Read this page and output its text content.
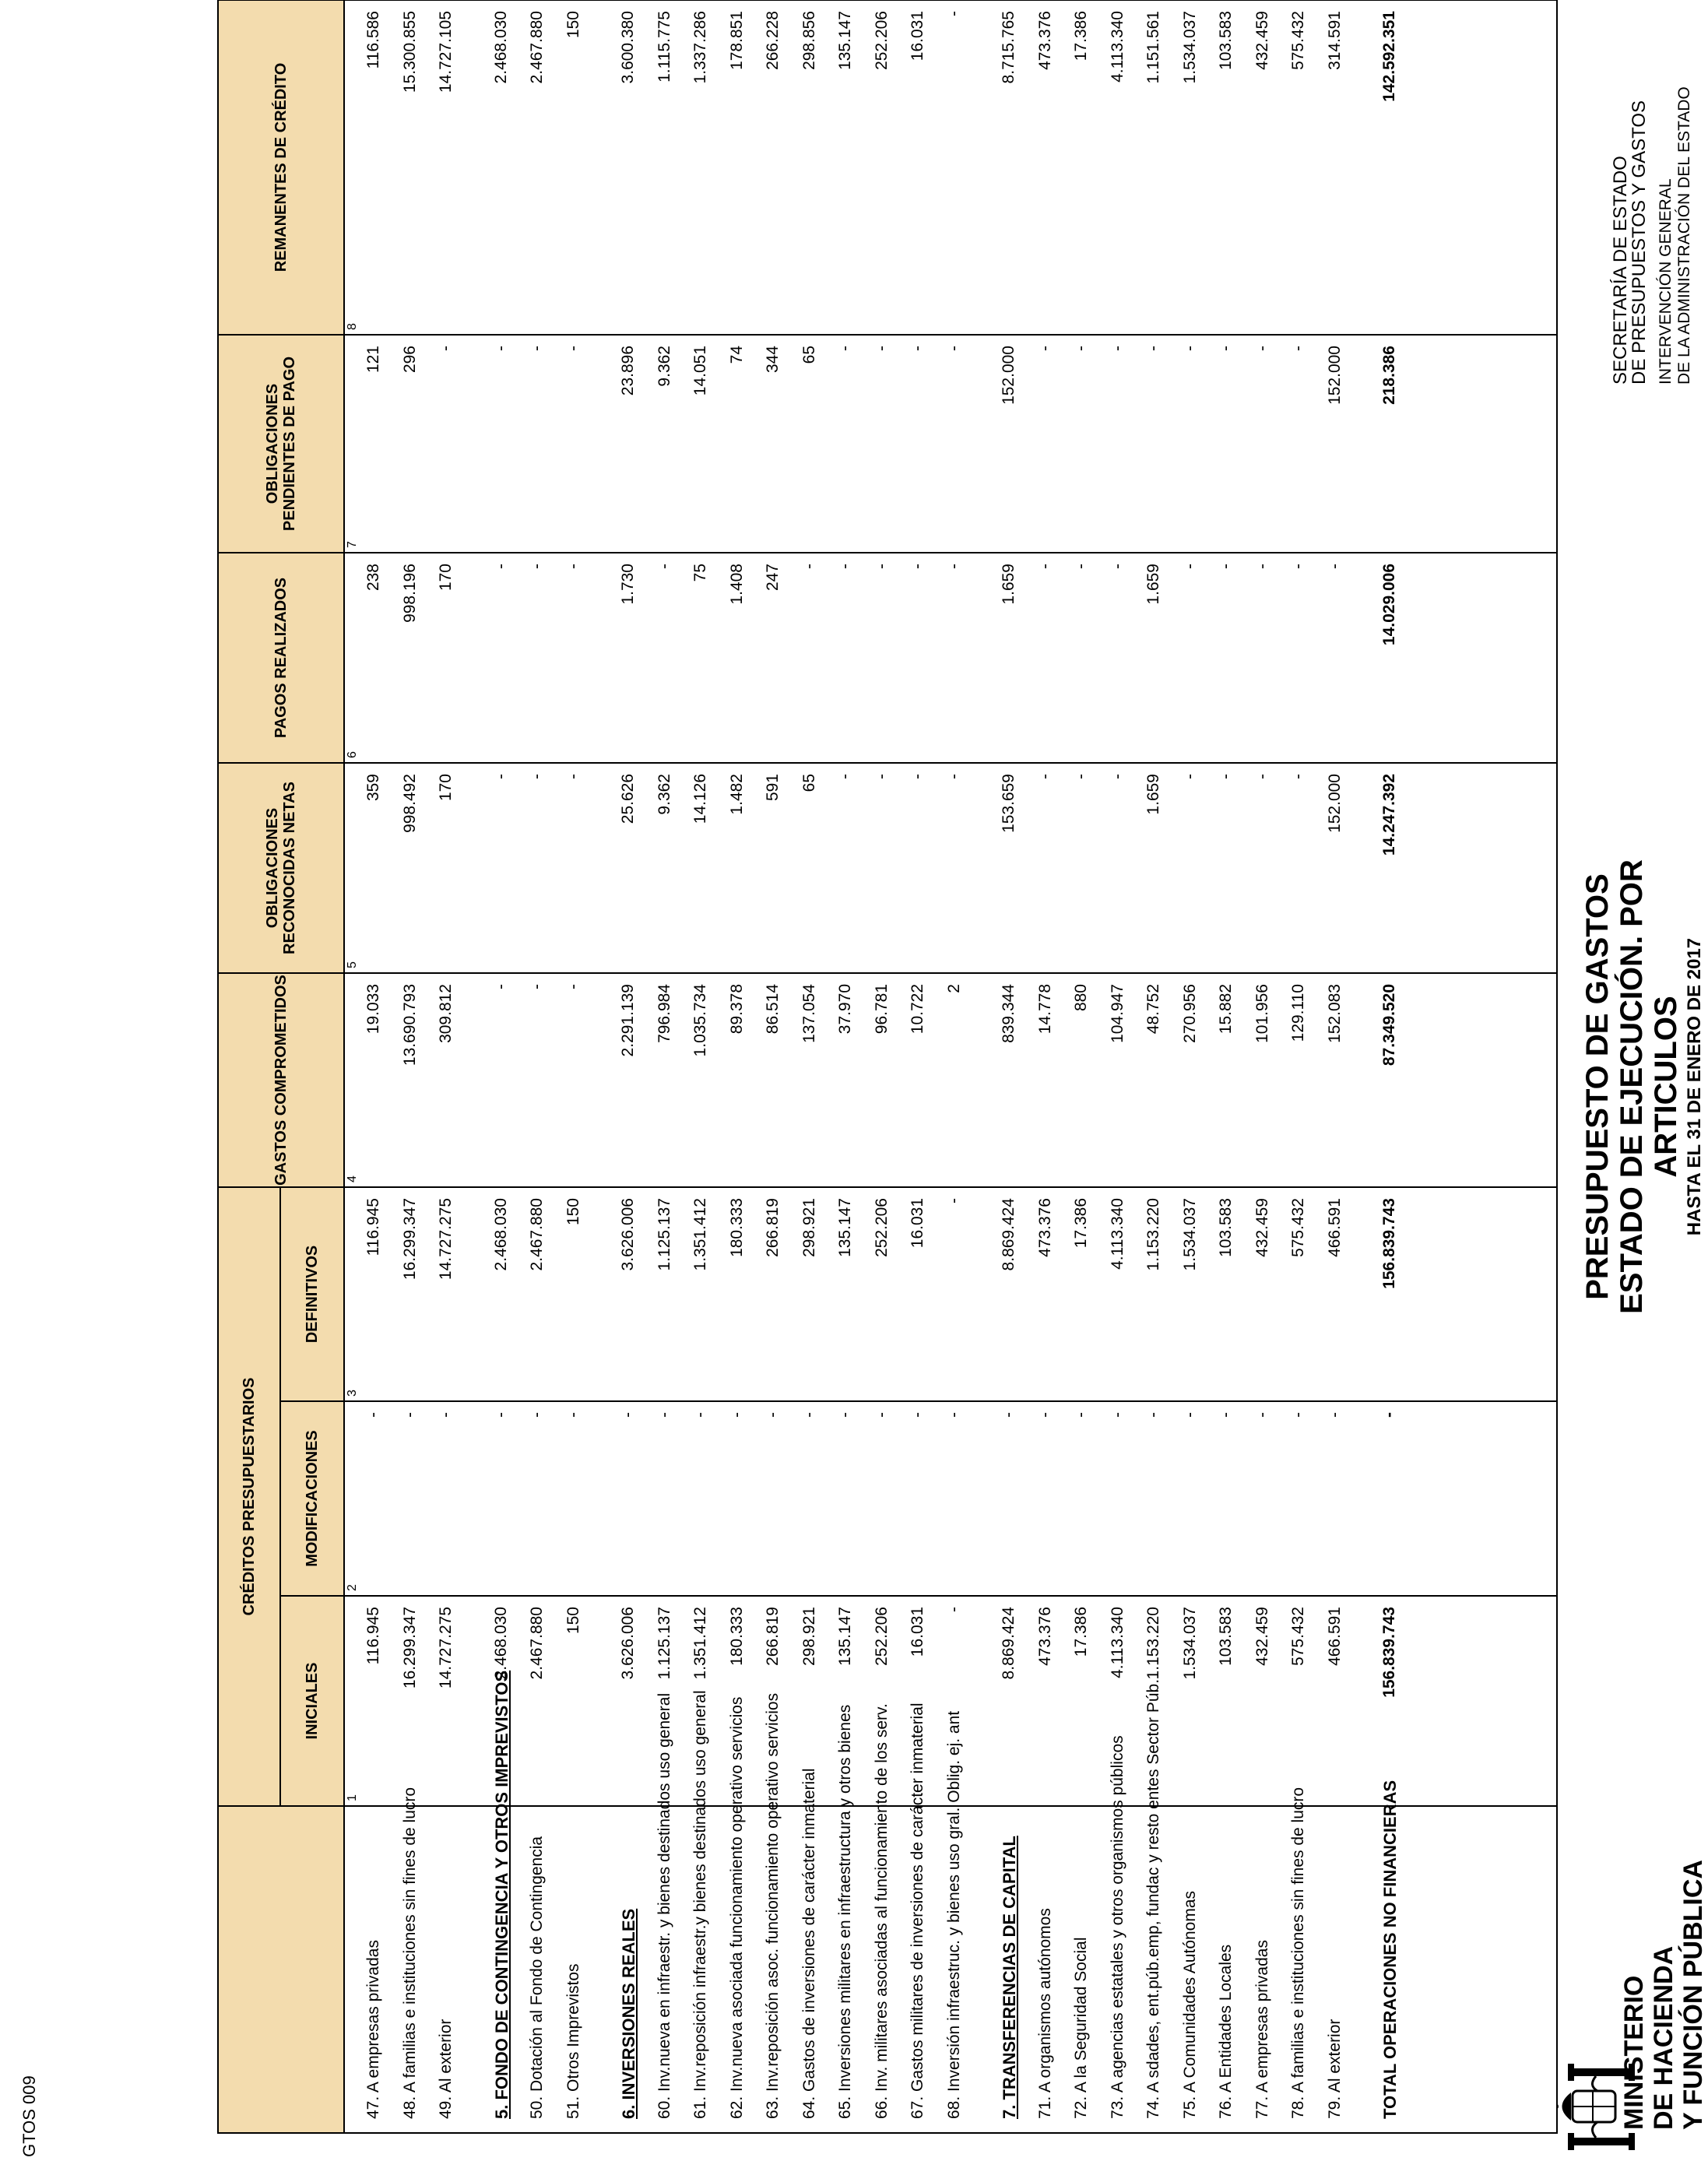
MINISTERIO DE HACIENDA Y FUNCIÓN PÚBLICA
PRESUPUESTO DE GASTOS ESTADO DE EJECUCIÓN. POR ARTICULOS HASTA EL 31 DE ENERO DE 2017
SECRETARÍA DE ESTADO
DE PRESUPUESTOS Y GASTOS INTERVENCIÓN GENERAL DE LA ADMINISTRACIÓN DEL ESTADO
GTOS 009
CRÉDITOS PRESUPUESTARIOS
INICIALES
1
MODIFICACIONES
2
DEFINITIVOS
3
GASTOS COMPROMETIDOS	4
OBLIGACIONES RECONOCIDAS NETAS
5
PAGOS REALIZADOS
6
OBLIGACIONES PENDIENTES DE PAGO
7
REMANENTES DE CRÉDITO
8
47. A empresas privadas
116.945
-
116.945
19.033
359
238
121
116.586
48. A familias e instituciones sin fines de lucro
16.299.347
-
16.299.347
13.690.793
998.492
998.196
296
15.300.855
49. Al exterior
14.727.275
-
14.727.275
309.812
170
170
-
14.727.105
5. FONDO DE CONTINGENCIA Y OTROS IMPREVISTOS
2.468.030
-
2.468.030
-
-
-
-
2.468.030
50. Dotación al Fondo de Contingencia
2.467.880
-
2.467.880
-
-
-
-
2.467.880
51. Otros Imprevistos
150
-
150
-
-
-
-
150
6. INVERSIONES REALES
3.626.006
-
3.626.006
2.291.139
25.626
1.730
23.896
3.600.380
60. Inv.nueva en infraestr. y bienes destinados uso general
1.125.137
-
1.125.137
796.984
9.362
-
9.362
1.115.775
61. Inv.reposición infraestr.y bienes destinados uso general
1.351.412
-
1.351.412
1.035.734
14.126
75
14.051
1.337.286
62. Inv.nueva asociada funcionamiento operativo servicios
180.333
-
180.333
89.378
1.482
1.408
74
178.851
63. Inv.reposición asoc. funcionamiento operativo servicios
266.819
-
266.819
86.514
591
247
344
266.228
64. Gastos de inversiones de carácter inmaterial
298.921
-
298.921
137.054
65
-
65
298.856
65. Inversiones militares en infraestructura y otros bienes
135.147
-
135.147
37.970
-
-
-
135.147
66. Inv. militares asociadas al funcionamiento de los serv.
252.206
-
252.206
96.781
-
-
-
252.206
67. Gastos militares de inversiones de carácter inmaterial
16.031
-
16.031
10.722
-
-
-
16.031
68. Inversión infraestruc. y bienes uso gral. Oblig. ej. ant
-
-
-
2
-
-
-
-
7. TRANSFERENCIAS DE CAPITAL
8.869.424
-
8.869.424
839.344
153.659
1.659
152.000
8.715.765
71. A organismos autónomos
473.376
-
473.376
14.778
-
-
-
473.376
72. A la Seguridad Social
17.386
-
17.386
880
-
-
-
17.386
73. A agencias estatales y otros organismos públicos
4.113.340
-
4.113.340
104.947
-
-
-
4.113.340
74. A sdades, ent.púb.emp, fundac y resto entes Sector Púb.
1.153.220
-
1.153.220
48.752
1.659
1.659
-
1.151.561
75. A Comunidades Autónomas
1.534.037
-
1.534.037
270.956
-
-
-
1.534.037
76. A Entidades Locales
103.583
-
103.583
15.882
-
-
-
103.583
77. A empresas privadas
432.459
-
432.459
101.956
-
-
-
432.459
78. A familias e instituciones sin fines de lucro
575.432
-
575.432
129.110
-
-
-
575.432
79. Al exterior
466.591
-
466.591
152.083
152.000
-
152.000
314.591
TOTAL OPERACIONES NO FINANCIERAS
156.839.743
-
156.839.743
87.349.520
14.247.392
14.029.006
218.386
142.592.351
